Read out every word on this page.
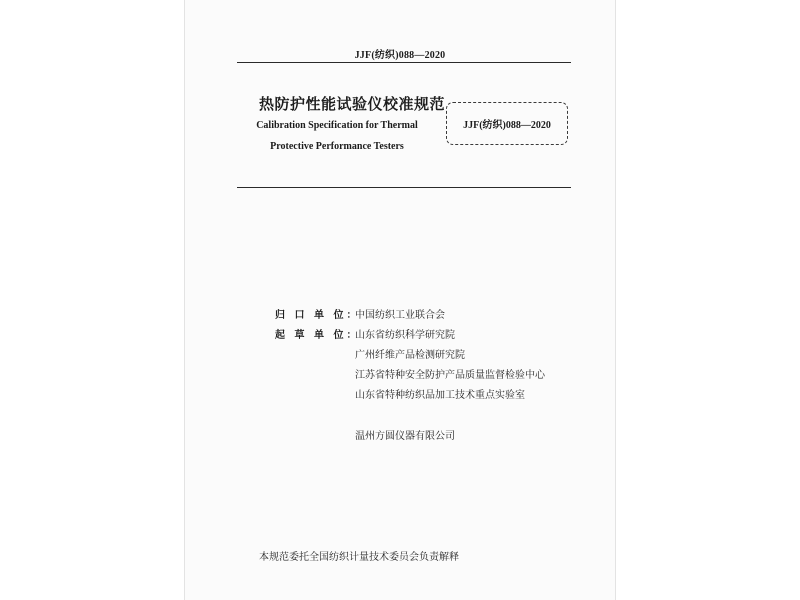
JJF(纺织)088—2020
热防护性能试验仪校准规范
Calibration Specification for Thermal
Protective Performance Testers
JJF(纺织)088—2020
归 口 单 位：
中国纺织工业联合会
起 草 单 位：
山东省纺织科学研究院
广州纤维产品检测研究院
江苏省特种安全防护产品质量监督检验中心
山东省特种纺织品加工技术重点实验室
温州方圆仪器有限公司
本规范委托全国纺织计量技术委员会负责解释
